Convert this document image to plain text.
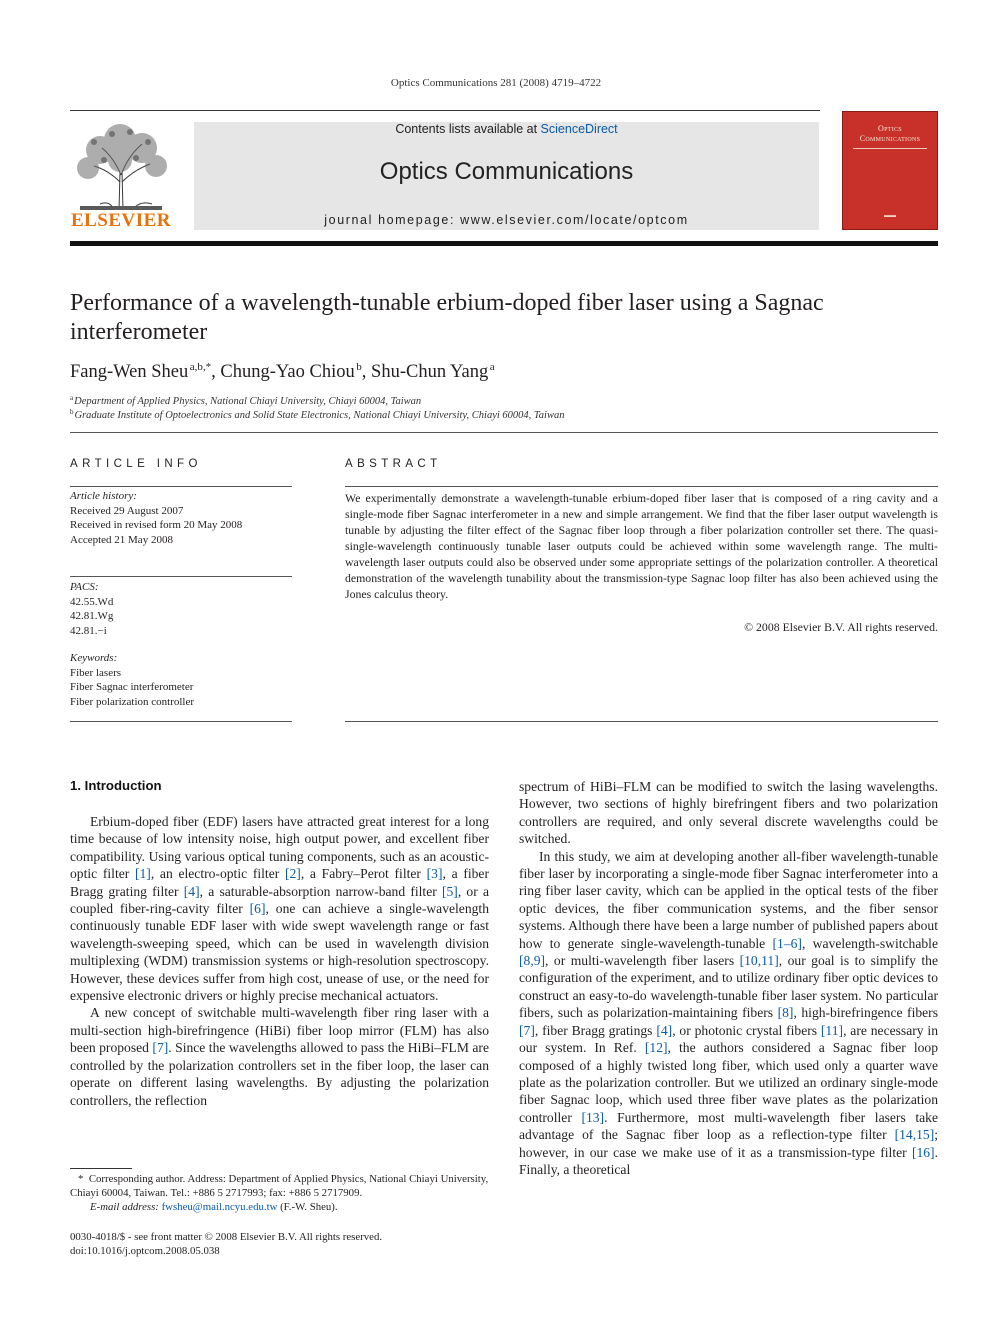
Optics Communications 281 (2008) 4719–4722
ELSEVIER
Contents lists available at ScienceDirect
Optics Communications
journal homepage: www.elsevier.com/locate/optcom
Optics
Communications
▬▬
Performance of a wavelength-tunable erbium-doped fiber laser using a Sagnac interferometer
Fang-Wen Sheu  $^{a,b,*}$, Chung-Yao Chiou  $^b$, Shu-Chun Yang  $^a$
$^a$Department of Applied Physics, National Chiayi University, Chiayi 60004, Taiwan
$^b$Graduate Institute of Optoelectronics and Solid State Electronics, National Chiayi University, Chiayi 60004, Taiwan
ARTICLE INFO
Article history:
Received 29 August 2007
Received in revised form 20 May 2008
Accepted 21 May 2008
PACS:
42.55.Wd
42.81.Wg
42.81.−i
Keywords:
Fiber lasers
Fiber Sagnac interferometer
Fiber polarization controller
ABSTRACT
We experimentally demonstrate a wavelength-tunable erbium-doped fiber laser that is composed of a ring cavity and a single-mode fiber Sagnac interferometer in a new and simple arrangement. We find that the fiber laser output wavelength is tunable by adjusting the filter effect of the Sagnac fiber loop through a fiber polarization controller set there. The quasi-single-wavelength continuously tunable laser outputs could be achieved within some wavelength range. The multi-wavelength laser outputs could also be observed under some appropriate settings of the polarization controller. A theoretical demonstration of the wavelength tunability about the transmission-type Sagnac loop filter has also been achieved using the Jones calculus theory.
© 2008 Elsevier B.V. All rights reserved.
1. Introduction

Erbium-doped fiber (EDF) lasers have attracted great interest for a long time because of low intensity noise, high output power, and excellent fiber compatibility. Using various optical tuning components, such as an acoustic-optic filter [1], an electro-optic filter [2], a Fabry–Perot filter [3], a fiber Bragg grating filter [4], a saturable-absorption narrow-band filter [5], or a coupled fiber-ring-cavity filter [6], one can achieve a single-wavelength continuously tunable EDF laser with wide swept wavelength range or fast wavelength-sweeping speed, which can be used in wavelength division multiplexing (WDM) transmission systems or high-resolution spectroscopy. However, these devices suffer from high cost, unease of use, or the need for expensive electronic drivers or highly precise mechanical actuators.

A new concept of switchable multi-wavelength fiber ring laser with a multi-section high-birefringence (HiBi) fiber loop mirror (FLM) has also been proposed [7]. Since the wavelengths allowed to pass the HiBi–FLM are controlled by the polarization controllers set in the fiber loop, the laser can operate on different lasing wavelengths. By adjusting the polarization controllers, the reflection

spectrum of HiBi–FLM can be modified to switch the lasing wavelengths. However, two sections of highly birefringent fibers and two polarization controllers are required, and only several discrete wavelengths could be switched.

In this study, we aim at developing another all-fiber wavelength-tunable fiber laser by incorporating a single-mode fiber Sagnac interferometer into a ring fiber laser cavity, which can be applied in the optical tests of the fiber optic devices, the fiber communication systems, and the fiber sensor systems. Although there have been a large number of published papers about how to generate single-wavelength-tunable [1–6], wavelength-switchable [8,9], or multi-wavelength fiber lasers [10,11], our goal is to simplify the configuration of the experiment, and to utilize ordinary fiber optic devices to construct an easy-to-do wavelength-tunable fiber laser system. No particular fibers, such as polarization-maintaining fibers [8], high-birefringence fibers [7], fiber Bragg gratings [4], or photonic crystal fibers [11], are necessary in our system. In Ref. [12], the authors considered a Sagnac fiber loop composed of a highly twisted long fiber, which used only a quarter wave plate as the polarization controller. But we utilized an ordinary single-mode fiber Sagnac loop, which used three fiber wave plates as the polarization controller [13]. Furthermore, most multi-wavelength fiber lasers take advantage of the Sagnac fiber loop as a reflection-type filter [14,15]; however, in our case we make use of it as a transmission-type filter [16]. Finally, a theoretical

* Corresponding author. Address: Department of Applied Physics, National Chiayi University, Chiayi 60004, Taiwan. Tel.: +886 5 2717993; fax: +886 5 2717909.
E-mail address: fwsheu@mail.ncyu.edu.tw (F.-W. Sheu).
0030-4018/$ - see front matter © 2008 Elsevier B.V. All rights reserved.
doi:10.1016/j.optcom.2008.05.038
